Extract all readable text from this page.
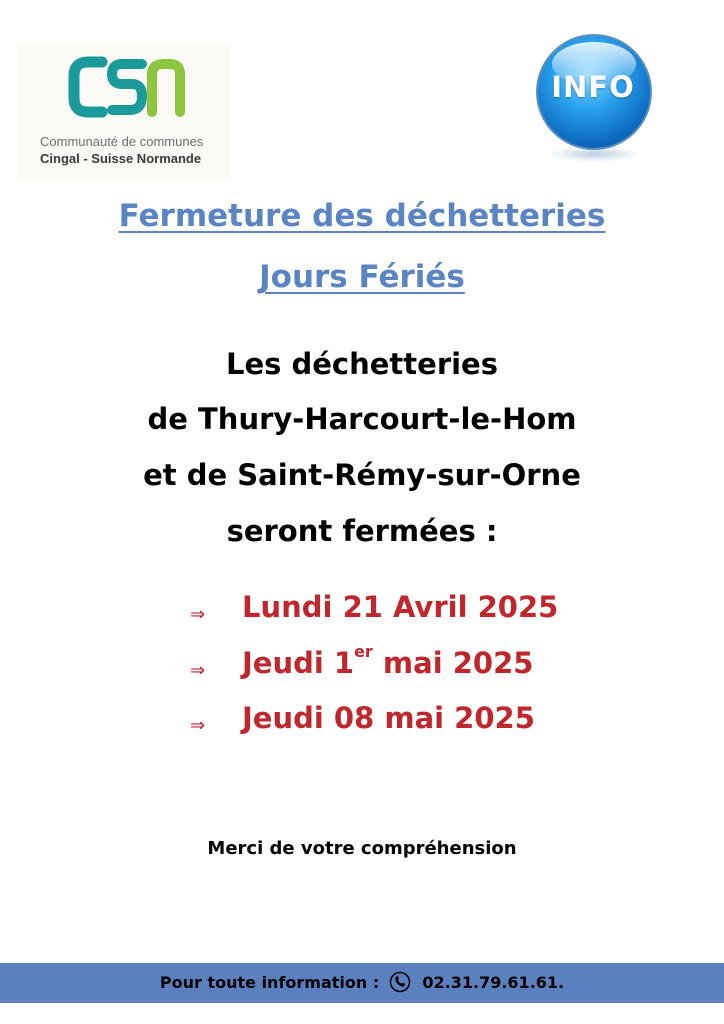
Communauté de communes
Cingal - Suisse Normande
INFO
Fermeture des déchetteries
Jours Fériés
Les déchetteries
de Thury-Harcourt-le-Hom
et de Saint-Rémy-sur-Orne
seront fermées :
⇒ Lundi 21 Avril 2025
⇒ Jeudi 1er mai 2025
⇒ Jeudi 08 mai 2025
Merci de votre compréhension
Pour toute information :	02.31.79.61.61.
